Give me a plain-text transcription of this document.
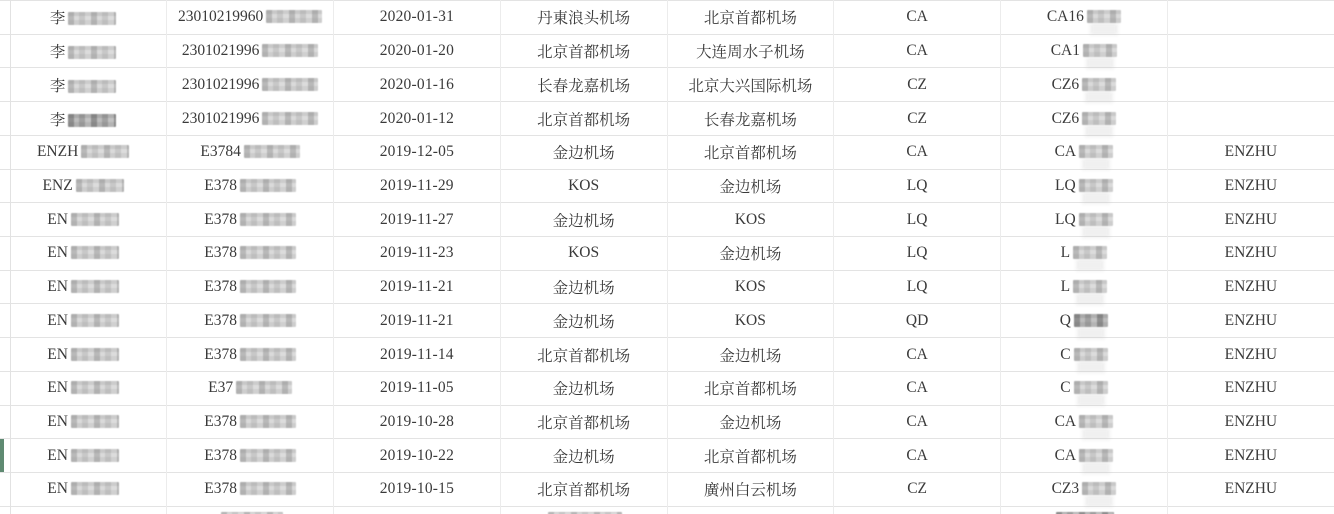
李	23010219960	2020-01-31	丹東浪头机场	北京首都机场	CA	CA16	
李	2301021996	2020-01-20	北京首都机场	大连周水子机场	CA	CA1	
李	2301021996	2020-01-16	长春龙嘉机场	北京大兴国际机场	CZ	CZ6	
李	2301021996	2020-01-12	北京首都机场	长春龙嘉机场	CZ	CZ6	
ENZH	E3784	2019-12-05	金边机场	北京首都机场	CA	CA	ENZHU
ENZ	E378	2019-11-29	KOS	金边机场	LQ	LQ	ENZHU
EN	E378	2019-11-27	金边机场	KOS	LQ	LQ	ENZHU
EN	E378	2019-11-23	KOS	金边机场	LQ	L	ENZHU
EN	E378	2019-11-21	金边机场	KOS	LQ	L	ENZHU
EN	E378	2019-11-21	金边机场	KOS	QD	Q	ENZHU
EN	E378	2019-11-14	北京首都机场	金边机场	CA	C	ENZHU
EN	E37	2019-11-05	金边机场	北京首都机场	CA	C	ENZHU
EN	E378	2019-10-28	北京首都机场	金边机场	CA	CA	ENZHU
EN	E378	2019-10-22	金边机场	北京首都机场	CA	CA	ENZHU
EN	E378	2019-10-15	北京首都机场	廣州白云机场	CZ	CZ3	ENZHU
